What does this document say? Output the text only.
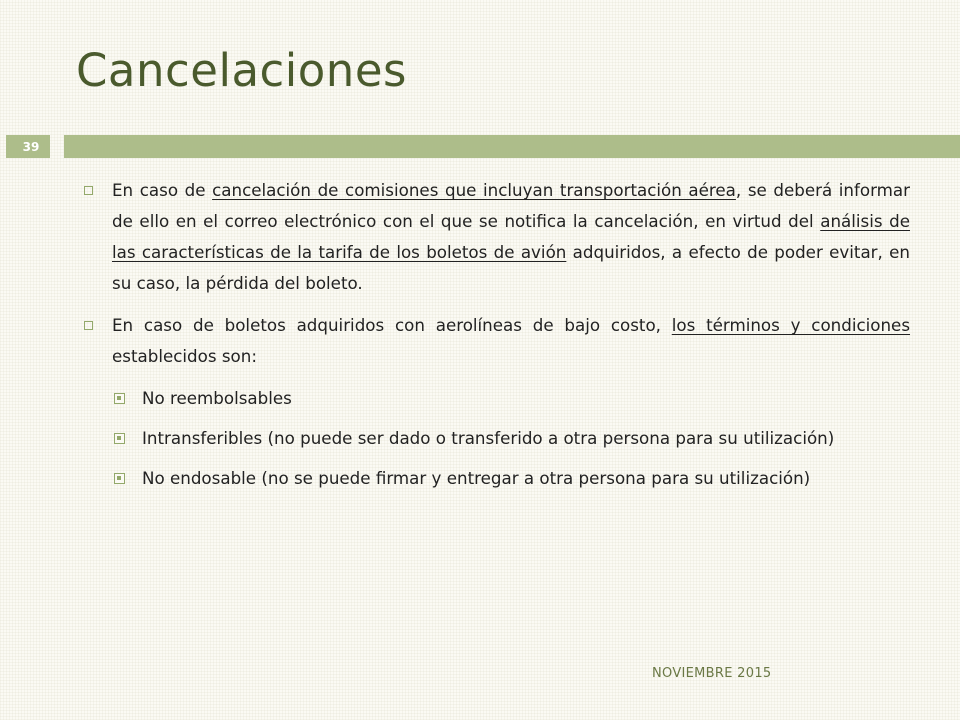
Cancelaciones
39
En caso de cancelación de comisiones que incluyan transportación aérea, se deberá informar de ello en el correo electrónico con el que se notifica la cancelación, en virtud del análisis de las características de la tarifa de los boletos de avión adquiridos, a efecto de poder evitar, en su caso, la pérdida del boleto.
En caso de boletos adquiridos con aerolíneas de bajo costo, los términos y condiciones establecidos son:
No reembolsables
Intransferibles (no puede ser dado o transferido a otra persona para su utilización)
No endosable (no se puede firmar y entregar a otra persona para su utilización)
NOVIEMBRE 2015
